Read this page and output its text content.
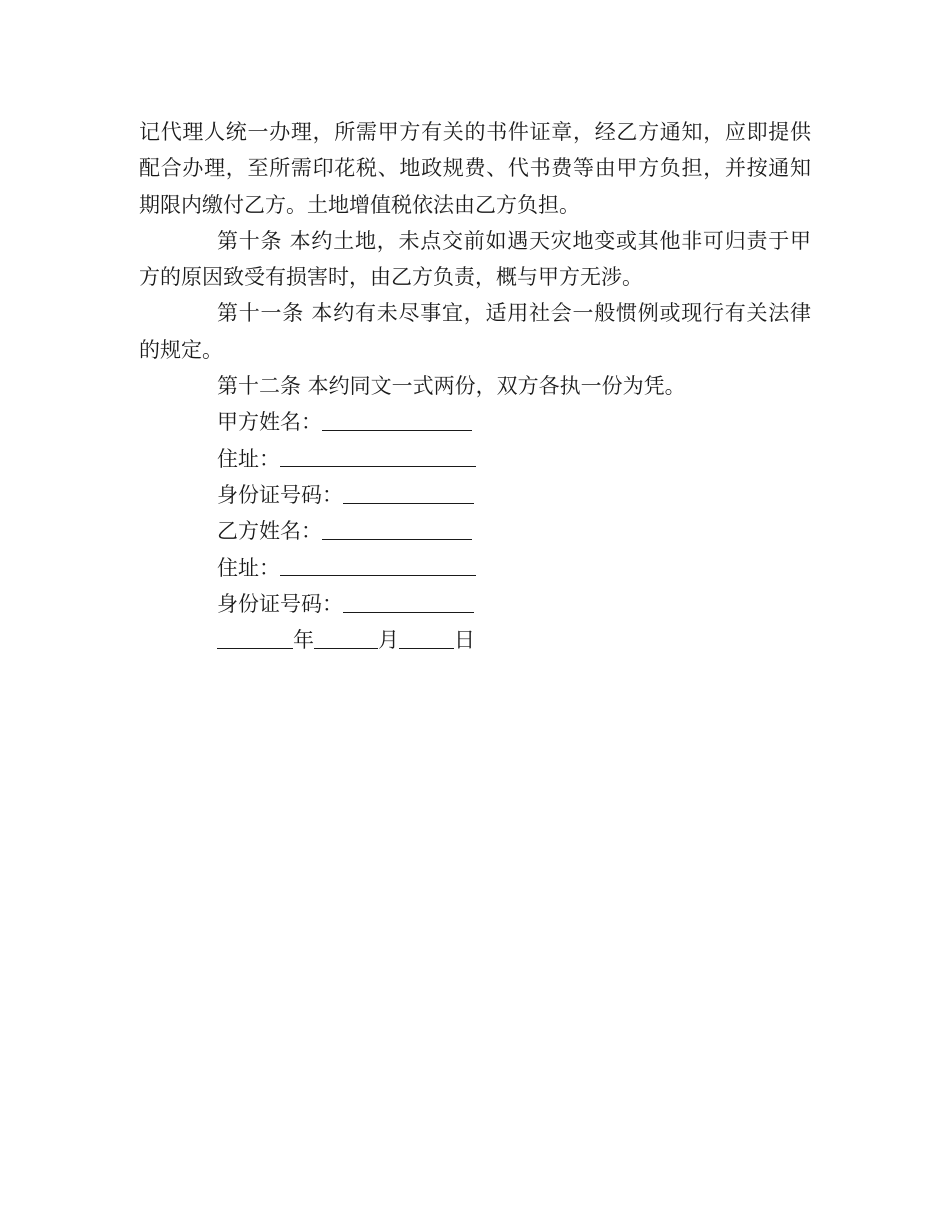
记代理人统一办理，所需甲方有关的书件证章，经乙方通知，应即提供
配合办理，至所需印花税、地政规费、代书费等由甲方负担，并按通知
期限内缴付乙方。土地增值税依法由乙方负担。

第十条 本约土地，未点交前如遇天灾地变或其他非可归责于甲
方的原因致受有损害时，由乙方负责，概与甲方无涉。

第十一条 本约有未尽事宜，适用社会一般惯例或现行有关法律
的规定。

第十二条 本约同文一式两份，双方各执一份为凭。

甲方姓名：
住址：
身份证号码：
乙方姓名：
住址：
身份证号码：
年	月	日
